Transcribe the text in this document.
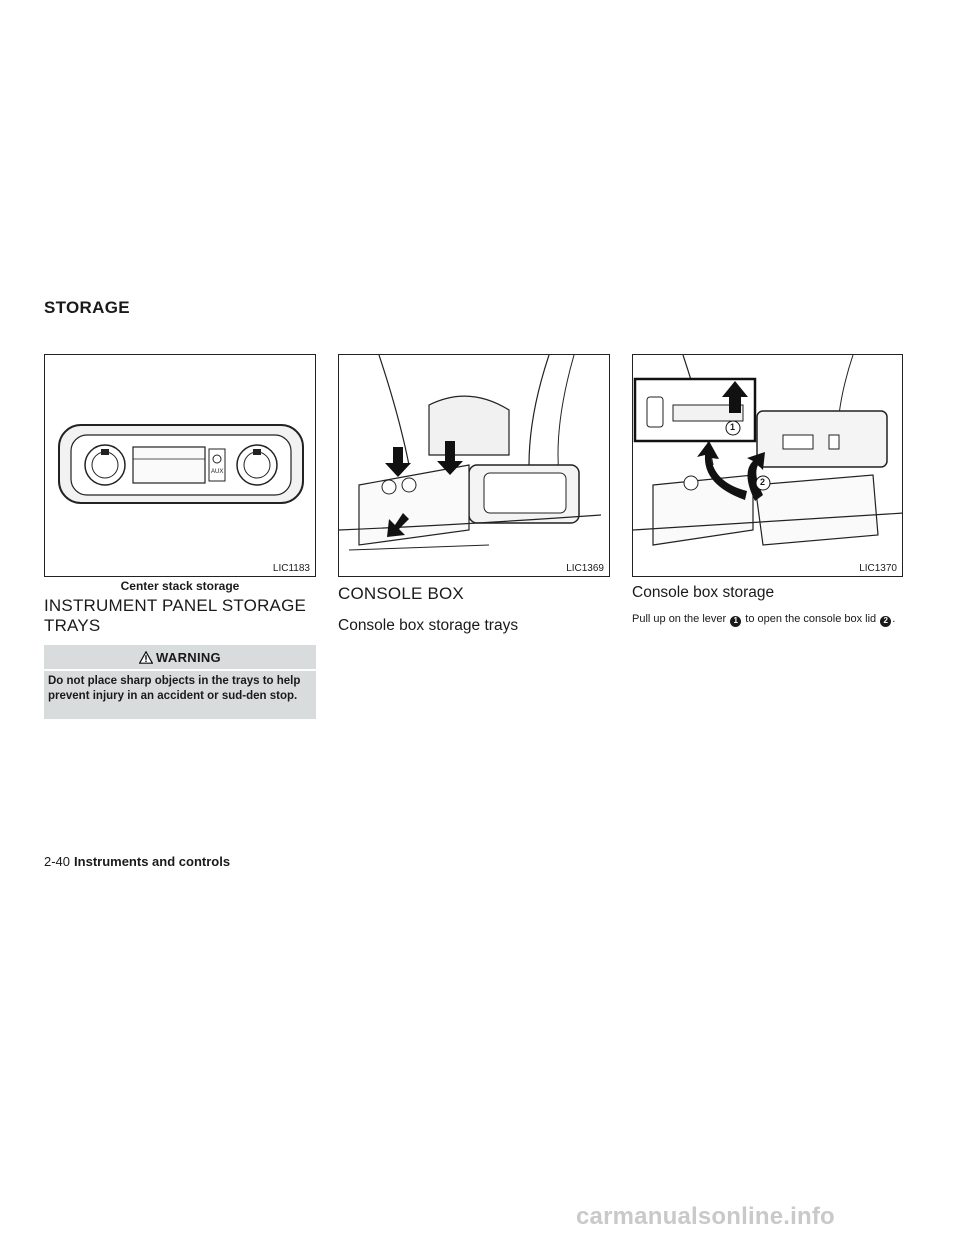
STORAGE
AUX
LIC1183	LIC1369
1
2
LIC1370
Center stack storage
INSTRUMENT PANEL STORAGE TRAYS
WARNING
Do not place sharp objects in the trays to help prevent injury in an accident or sud-den stop.
CONSOLE BOX
Console box storage trays
Console box storage
Pull up on the lever 1 to open the console box lid 2 .
2-40 Instruments and controls
carmanualsonline.info
